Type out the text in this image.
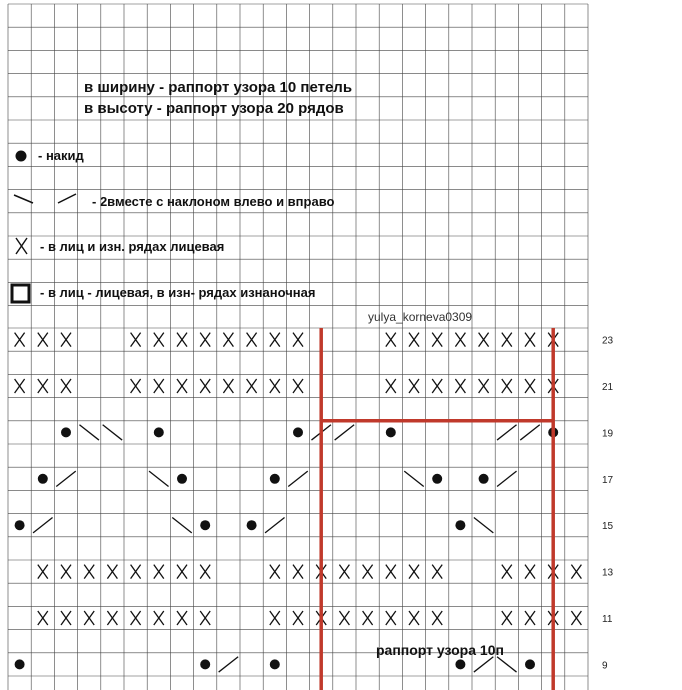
в ширину - раппорт узора 10 петель
в высоту - раппорт узора 20 рядов
- накид
- 2вместе с наклоном влево и вправо
- в лиц и изн. рядах лицевая
- в лиц - лицевая, в изн- рядах изнаночная
yulya_korneva0309
23
21
19
17
15
13
11
9
раппорт узора 10п
